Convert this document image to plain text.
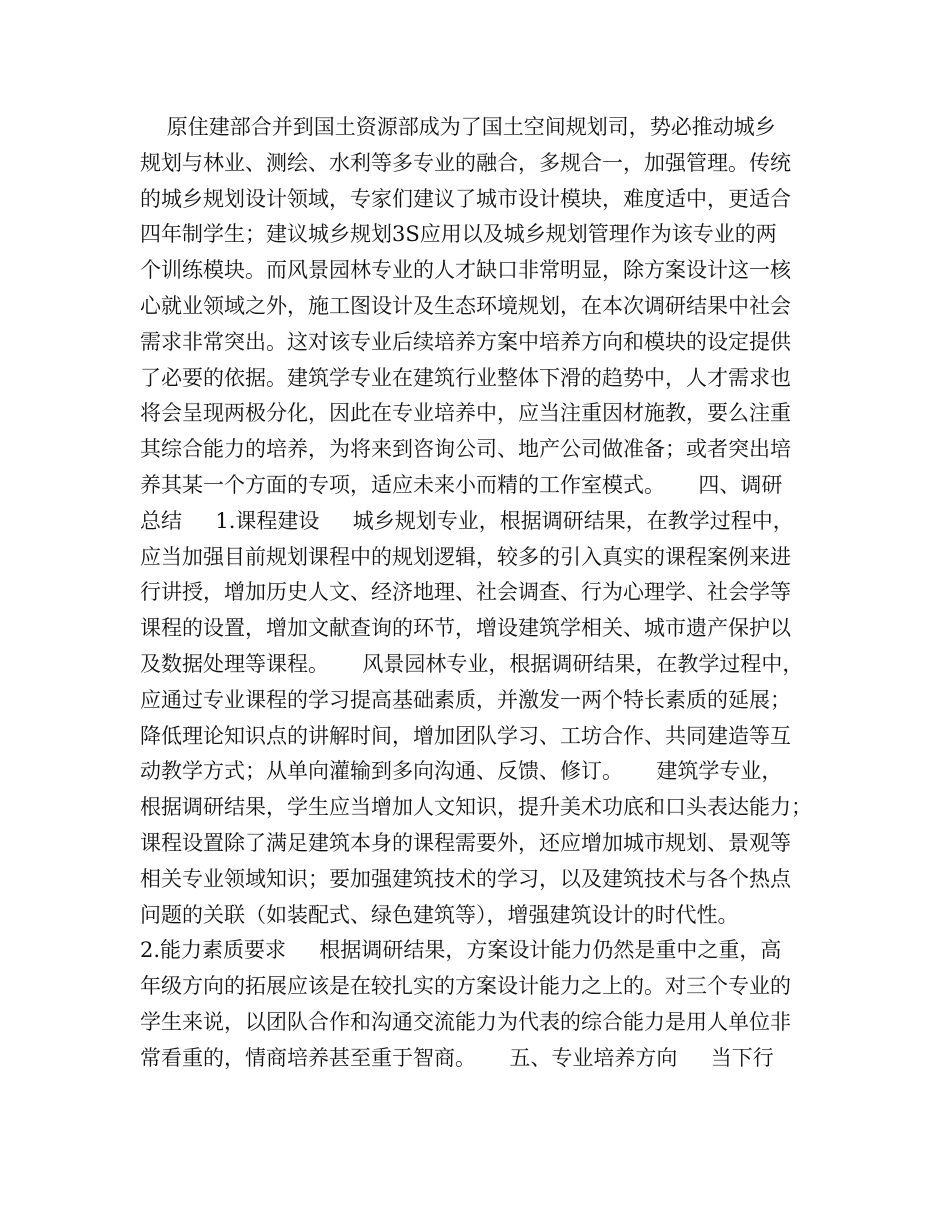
原住建部合并到国土资源部成为了国土空间规划司，势必推动城乡
规划与林业、测绘、水利等多专业的融合，多规合一，加强管理。传统
的城乡规划设计领域，专家们建议了城市设计模块，难度适中，更适合
四年制学生；建议城乡规划3S应用以及城乡规划管理作为该专业的两
个训练模块。而风景园林专业的人才缺口非常明显，除方案设计这一核
心就业领域之外，施工图设计及生态环境规划，在本次调研结果中社会
需求非常突出。这对该专业后续培养方案中培养方向和模块的设定提供
了必要的依据。建筑学专业在建筑行业整体下滑的趋势中，人才需求也
将会呈现两极分化，因此在专业培养中，应当注重因材施教，要么注重
其综合能力的培养，为将来到咨询公司、地产公司做准备；或者突出培
养其某一个方面的专项，适应未来小而精的工作室模式。     四、调研
总结     1.课程建设     城乡规划专业，根据调研结果，在教学过程中，
应当加强目前规划课程中的规划逻辑，较多的引入真实的课程案例来进
行讲授，增加历史人文、经济地理、社会调查、行为心理学、社会学等
课程的设置，增加文献查询的环节，增设建筑学相关、城市遗产保护以
及数据处理等课程。     风景园林专业，根据调研结果，在教学过程中，
应通过专业课程的学习提高基础素质，并激发一两个特长素质的延展；
降低理论知识点的讲解时间，增加团队学习、工坊合作、共同建造等互
动教学方式；从单向灌输到多向沟通、反馈、修订。     建筑学专业，
根据调研结果，学生应当增加人文知识，提升美术功底和口头表达能力；
课程设置除了满足建筑本身的课程需要外，还应增加城市规划、景观等
相关专业领域知识；要加强建筑技术的学习，以及建筑技术与各个热点
问题的关联（如装配式、绿色建筑等），增强建筑设计的时代性。
2.能力素质要求     根据调研结果，方案设计能力仍然是重中之重，高
年级方向的拓展应该是在较扎实的方案设计能力之上的。对三个专业的
学生来说，以团队合作和沟通交流能力为代表的综合能力是用人单位非
常看重的，情商培养甚至重于智商。     五、专业培养方向     当下行
